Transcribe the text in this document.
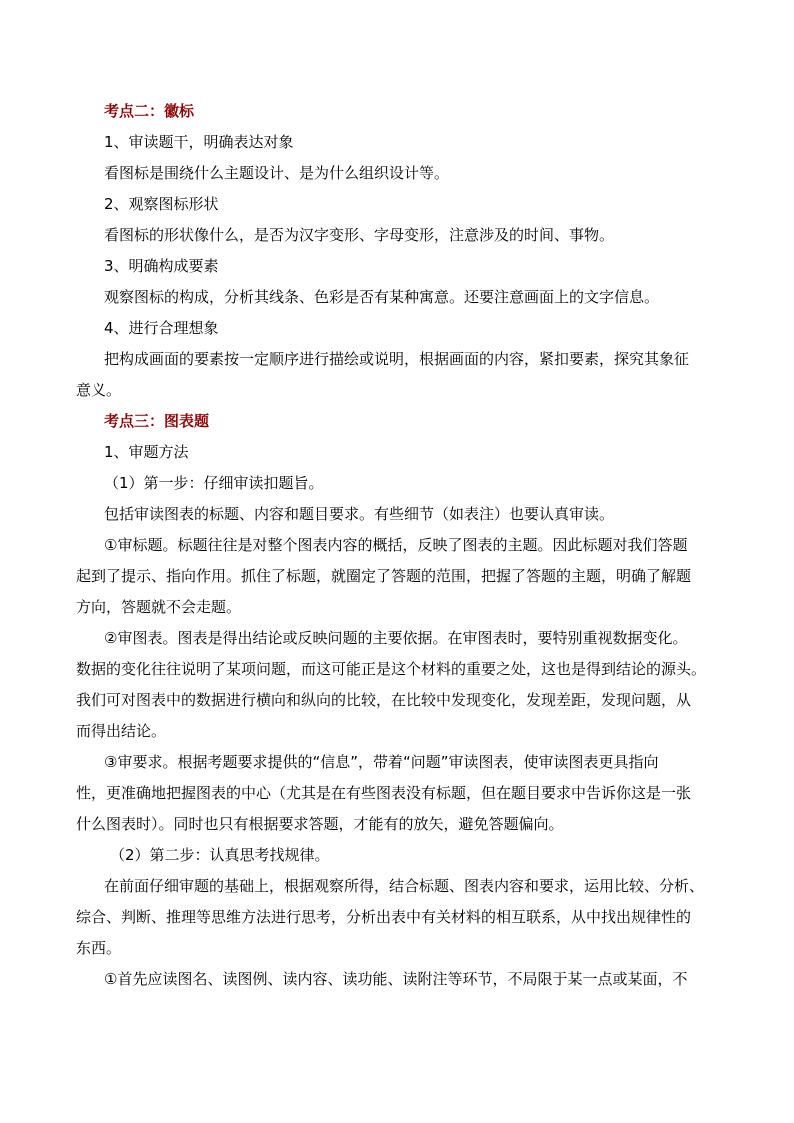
考点二：徽标

1、审读题干，明确表达对象

看图标是围绕什么主题设计、是为什么组织设计等。

2、观察图标形状

看图标的形状像什么，是否为汉字变形、字母变形，注意涉及的时间、事物。

3、明确构成要素

观察图标的构成，分析其线条、色彩是否有某种寓意。还要注意画面上的文字信息。

4、进行合理想象

把构成画面的要素按一定顺序进行描绘或说明，根据画面的内容，紧扣要素，探究其象征

意义。

考点三：图表题

1、审题方法

（1）第一步：仔细审读扣题旨。

包括审读图表的标题、内容和题目要求。有些细节（如表注）也要认真审读。

①审标题。标题往往是对整个图表内容的概括，反映了图表的主题。因此标题对我们答题

起到了提示、指向作用。抓住了标题，就圈定了答题的范围，把握了答题的主题，明确了解题

方向，答题就不会走题。

②审图表。图表是得出结论或反映问题的主要依据。在审图表时，要特别重视数据变化。

数据的变化往往说明了某项问题，而这可能正是这个材料的重要之处，这也是得到结论的源头。

我们可对图表中的数据进行横向和纵向的比较，在比较中发现变化，发现差距，发现问题，从

而得出结论。

③审要求。根据考题要求提供的“信息”，带着“问题”审读图表，使审读图表更具指向

性，更准确地把握图表的中心（尤其是在有些图表没有标题，但在题目要求中告诉你这是一张

什么图表时）。同时也只有根据要求答题，才能有的放矢，避免答题偏向。

（2）第二步：认真思考找规律。

在前面仔细审题的基础上，根据观察所得，结合标题、图表内容和要求，运用比较、分析、

综合、判断、推理等思维方法进行思考，分析出表中有关材料的相互联系，从中找出规律性的

东西。

①首先应读图名、读图例、读内容、读功能、读附注等环节，不局限于某一点或某面，不
